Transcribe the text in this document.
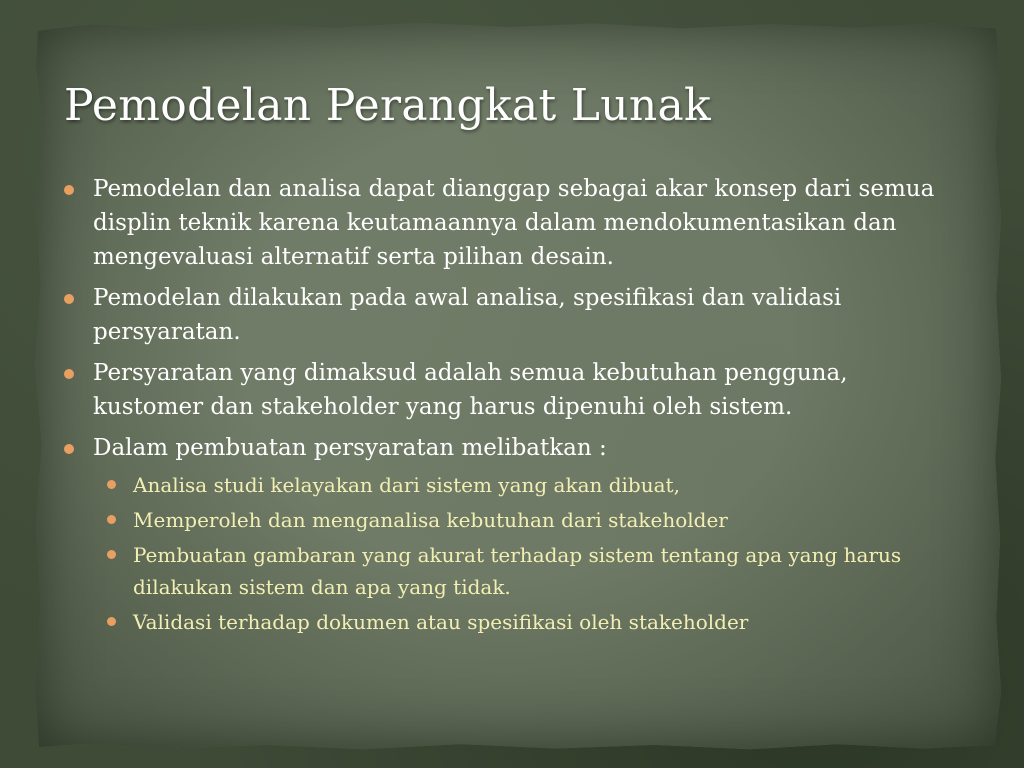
Pemodelan Perangkat Lunak
Pemodelan dan analisa dapat dianggap sebagai akar konsep dari semua displin teknik karena keutamaannya dalam mendokumentasikan dan mengevaluasi alternatif serta pilihan desain.
Pemodelan dilakukan pada awal analisa, spesifikasi dan validasi persyaratan.
Persyaratan yang dimaksud adalah semua kebutuhan pengguna, kustomer dan stakeholder yang harus dipenuhi oleh sistem.
Dalam pembuatan persyaratan melibatkan :
Analisa studi kelayakan dari sistem yang akan dibuat,
Memperoleh dan menganalisa kebutuhan dari stakeholder
Pembuatan gambaran yang akurat terhadap sistem tentang apa yang harus dilakukan sistem dan apa yang tidak.
Validasi terhadap dokumen atau spesifikasi oleh stakeholder
